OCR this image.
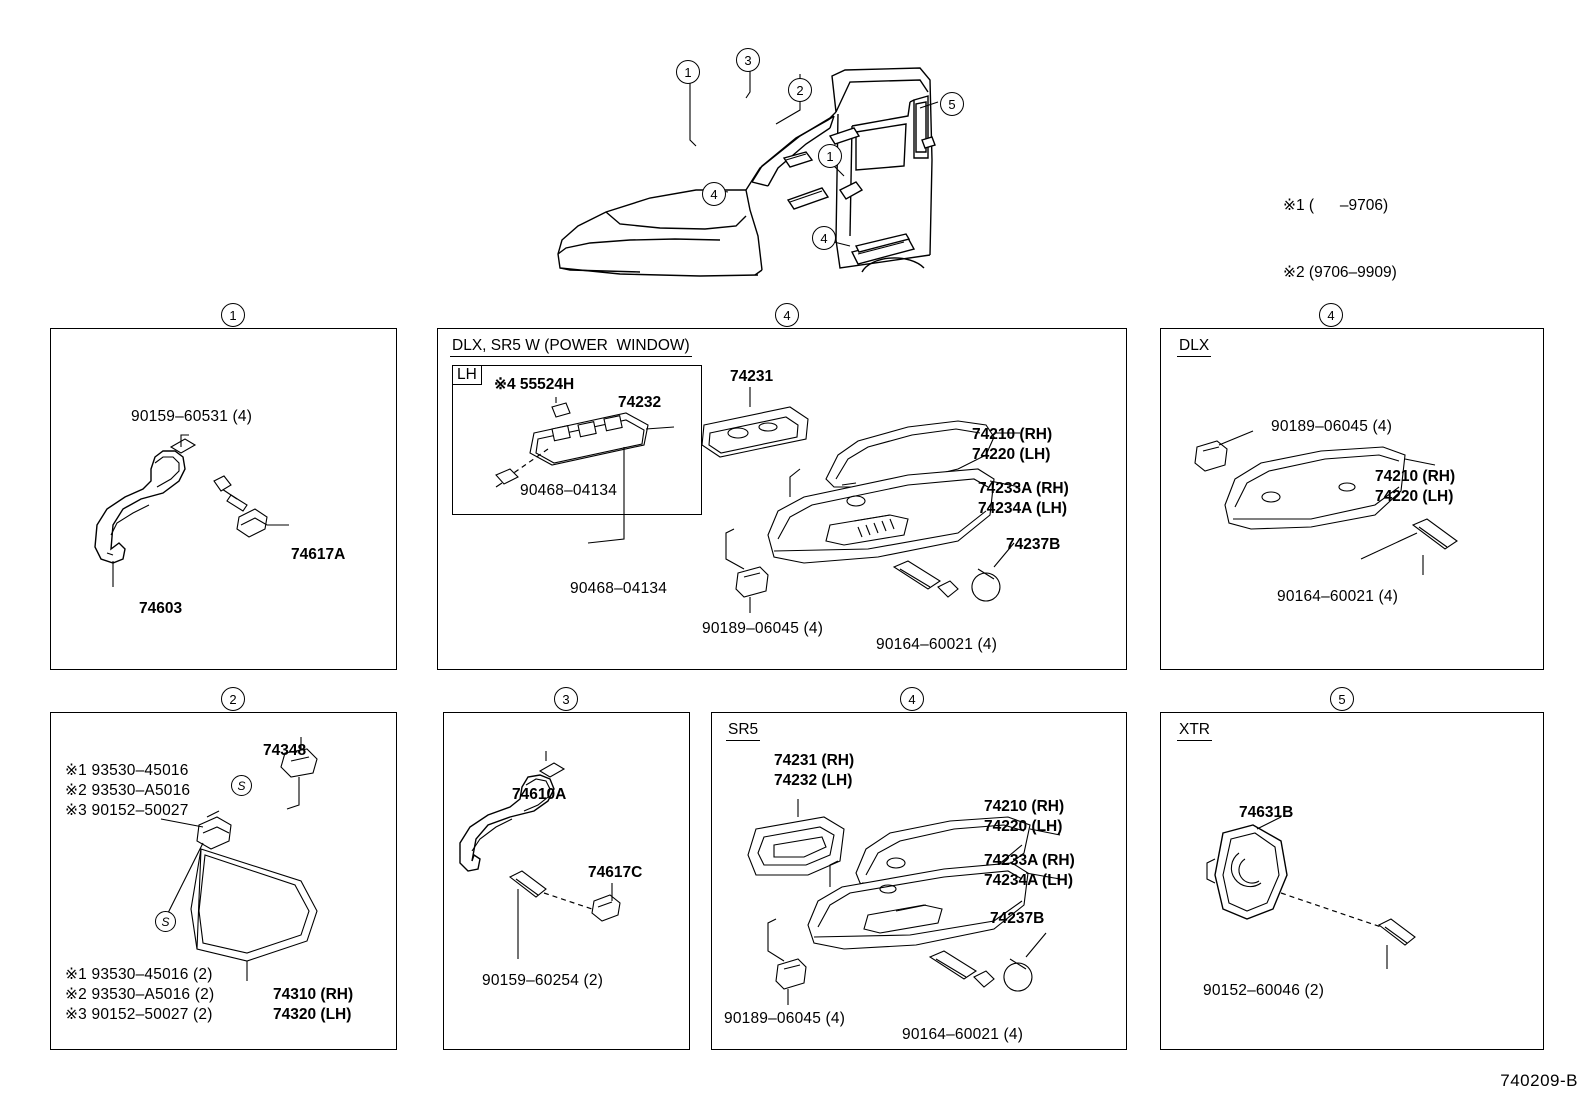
1
3
2
5
4
1
4

※1 (      –9706)

※2 (9706–9909)

1
90159–60531 (4)
74617A
74603
4
DLX, SR5 W (POWER  WINDOW)
LH
※4 55524H
74232
90468–04134
90468–04134
74231
74210 (RH)
74220 (LH)
74233A (RH)
74234A (LH)
74237B
90189–06045 (4)
90164–60021 (4)
4
DLX
90189–06045 (4)
74210 (RH)
74220 (LH)
90164–60021 (4)
2
74348
※1 93530–45016
※2 93530–A5016
※3 90152–50027
S
S
※1 93530–45016 (2)
※2 93530–A5016 (2)
※3 90152–50027 (2)
74310 (RH)
74320 (LH)
3
74610A
74617C
90159–60254 (2)
4
SR5
74231 (RH)
74232 (LH)
74210 (RH)
74220 (LH)
74233A (RH)
74234A (LH)
74237B
90189–06045 (4)
90164–60021 (4)
5
XTR
74631B
90152–60046 (2)
740209-B
